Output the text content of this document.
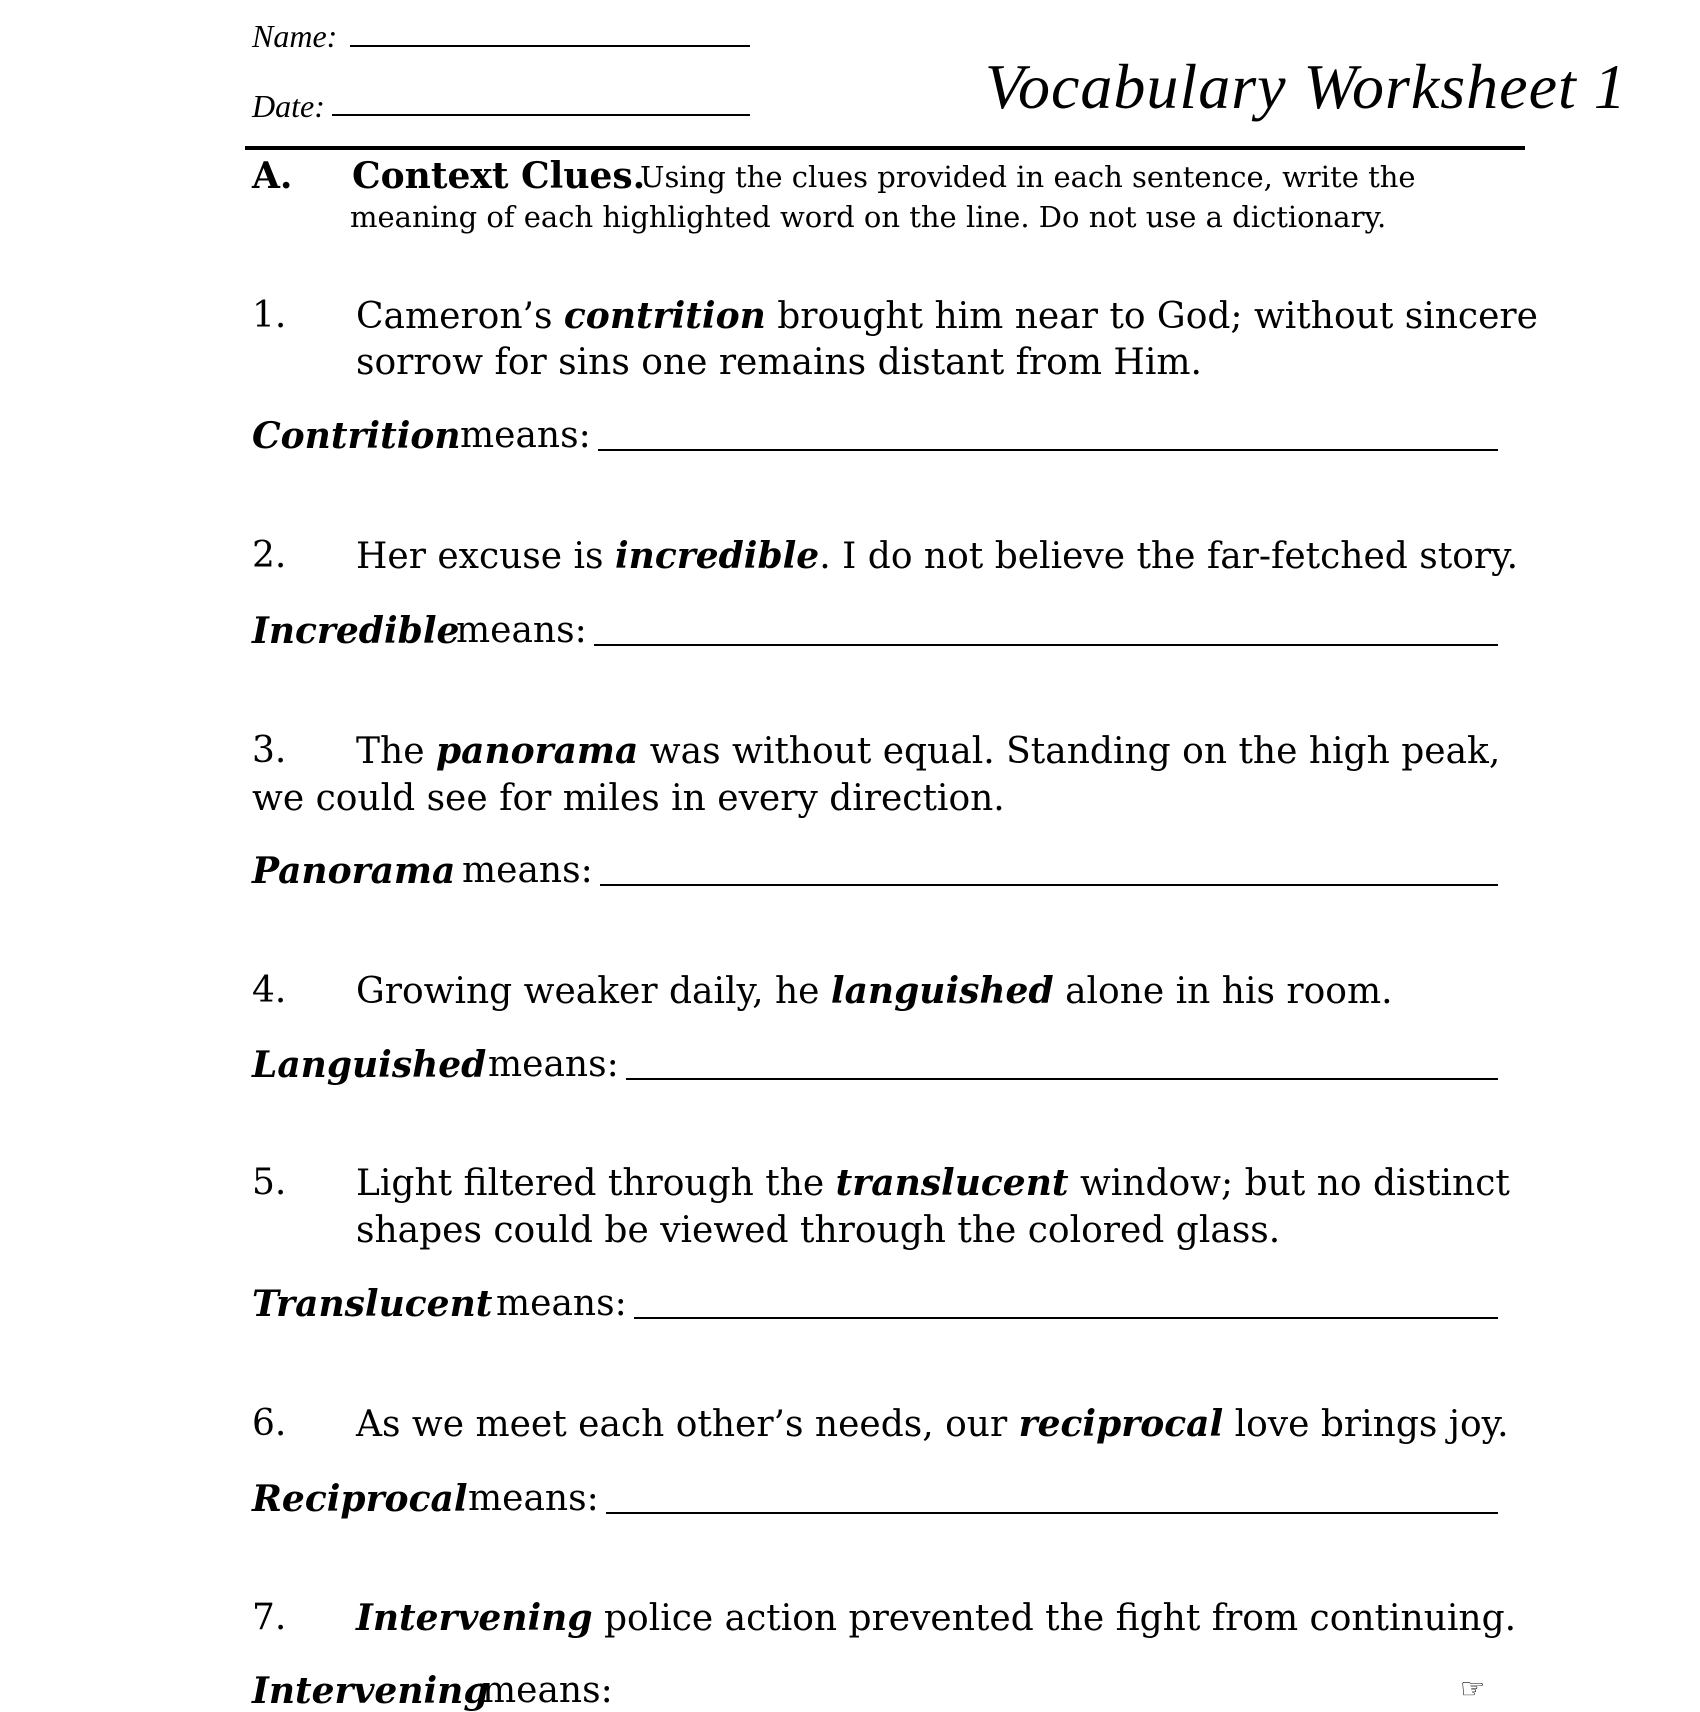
Name:
Date:	Vocabulary Worksheet 1
A. Context Clues.
Using the clues provided in each sentence, write the
meaning of each highlighted word on the line. Do not use a dictionary.
1. Cameron’s contrition brought him near to God; without sincere
sorrow for sins one remains distant from Him.
Contrition means:
2. Her excuse is incredible. I do not believe the far-fetched story.
Incredible
means:
3. The panorama was without equal. Standing on the high peak,
we could see for miles in every direction.
Panorama means:
4. Growing weaker daily, he languished alone in his room.
Languished means:
5. Light filtered through the translucent window; but no distinct
shapes could be viewed through the colored glass.
Translucent means:
6. As we meet each other’s needs, our reciprocal love brings joy.
Reciprocal means:
7. Intervening police action prevented the fight from continuing.
Intervening
means:	☞
